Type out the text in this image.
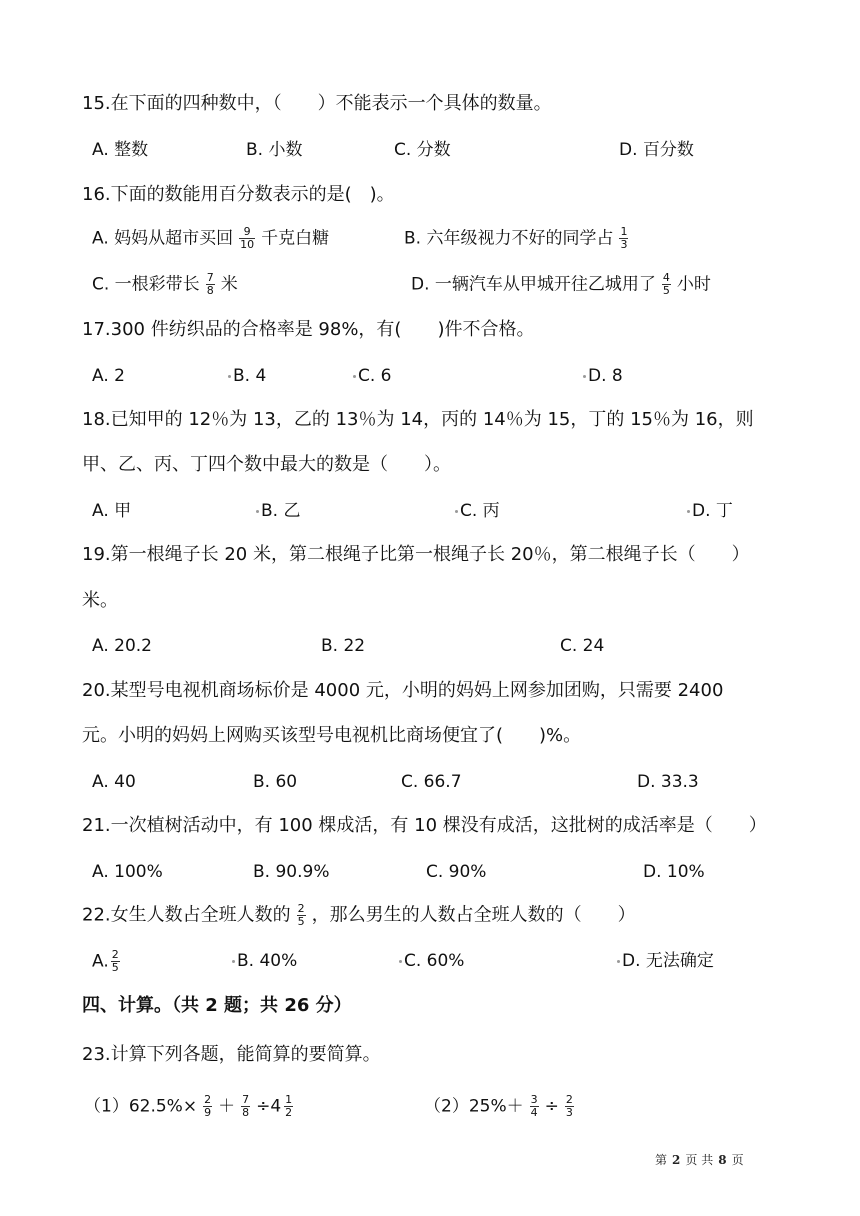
15.在下面的四种数中，（　　）不能表示一个具体的数量。
A. 整数	B. 小数	C. 分数	D. 百分数
16.下面的数能用百分数表示的是(　)。
A. 妈妈从超市买回 $\frac{9}{10}$ 千克白糖	B. 六年级视力不好的同学占 $\frac{1}{3}$
C. 一根彩带长 $\frac{7}{8}$ 米	D. 一辆汽车从甲城开往乙城用了 $\frac{4}{5}$ 小时
17.300 件纺织品的合格率是 98%，有(　　)件不合格。
A. 2	B. 4	C. 6	D. 8
18.已知甲的 12％为 13，乙的 13％为 14，丙的 14％为 15，丁的 15％为 16，则
甲、乙、丙、丁四个数中最大的数是（　　）。
A. 甲	B. 乙	C. 丙	D. 丁
19.第一根绳子长 20 米，第二根绳子比第一根绳子长 20％，第二根绳子长（　　）
米。
A. 20.2	B. 22	C. 24
20.某型号电视机商场标价是 4000 元，小明的妈妈上网参加团购，只需要 2400
元。小明的妈妈上网购买该型号电视机比商场便宜了(　　)%。
A. 40	B. 60	C. 66.7	D. 33.3
21.一次植树活动中，有 100 棵成活，有 10 棵没有成活，这批树的成活率是（　　）
A. 100%	B. 90.9%	C. 90%	D. 10%
22.女生人数占全班人数的 $\frac{2}{5}$ ，那么男生的人数占全班人数的（　　）
A. $\frac{2}{5}$	B. 40%	C. 60%	D. 无法确定
四、计算。（共 2 题；共 26 分）
23.计算下列各题，能简算的要简算。
$(1)62.5\%\times \frac{2}{9} + \frac{7}{8} \div 4 \frac{1}{2}$	$(2)25\%+ \frac{3}{4} \div \frac{2}{3}$
第 2 页 共 8 页
